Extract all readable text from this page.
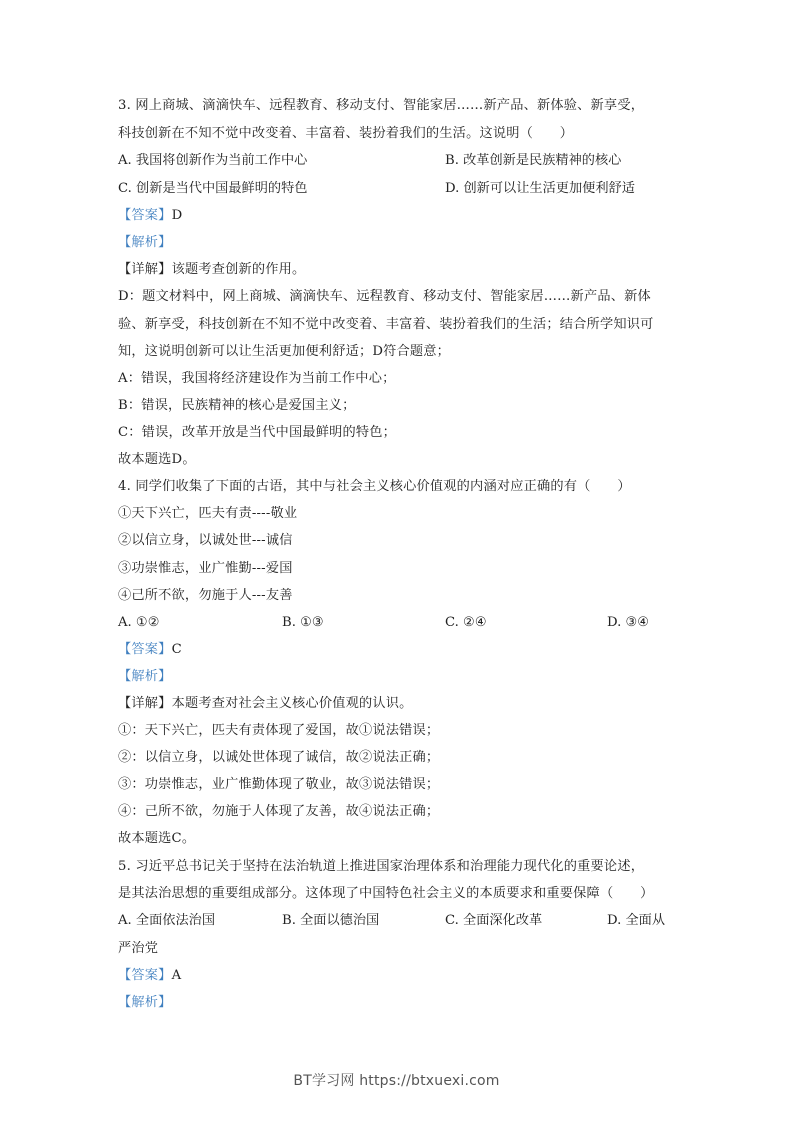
3. 网上商城、滴滴快车、远程教育、移动支付、智能家居……新产品、新体验、新享受，
科技创新在不知不觉中改变着、丰富着、装扮着我们的生活。这说明（　　）
A. 我国将创新作为当前工作中心	B. 改革创新是民族精神的核心
C. 创新是当代中国最鲜明的特色	D. 创新可以让生活更加便利舒适
【答案】D
【解析】
【详解】该题考查创新的作用。
D：题文材料中，网上商城、滴滴快车、远程教育、移动支付、智能家居……新产品、新体
验、新享受，科技创新在不知不觉中改变着、丰富着、装扮着我们的生活；结合所学知识可
知，这说明创新可以让生活更加便利舒适；D符合题意；
A：错误，我国将经济建设作为当前工作中心；
B：错误，民族精神的核心是爱国主义；
C：错误，改革开放是当代中国最鲜明的特色；
故本题选D。
4. 同学们收集了下面的古语，其中与社会主义核心价值观的内涵对应正确的有（　　）
①天下兴亡，匹夫有责----敬业
②以信立身，以诚处世---诚信
③功崇惟志，业广惟勤---爱国
④己所不欲，勿施于人---友善
A. ①②	B. ①③	C. ②④	D. ③④
【答案】C
【解析】
【详解】本题考查对社会主义核心价值观的认识。
①：天下兴亡，匹夫有责体现了爱国，故①说法错误；
②：以信立身，以诚处世体现了诚信，故②说法正确；
③：功崇惟志，业广惟勤体现了敬业，故③说法错误；
④：己所不欲，勿施于人体现了友善，故④说法正确；
故本题选C。
5. 习近平总书记关于坚持在法治轨道上推进国家治理体系和治理能力现代化的重要论述，
是其法治思想的重要组成部分。这体现了中国特色社会主义的本质要求和重要保障（　　）
A. 全面依法治国	B. 全面以德治国	C. 全面深化改革	D. 全面从
严治党
【答案】A
【解析】
BT学习网 https://btxuexi.com
